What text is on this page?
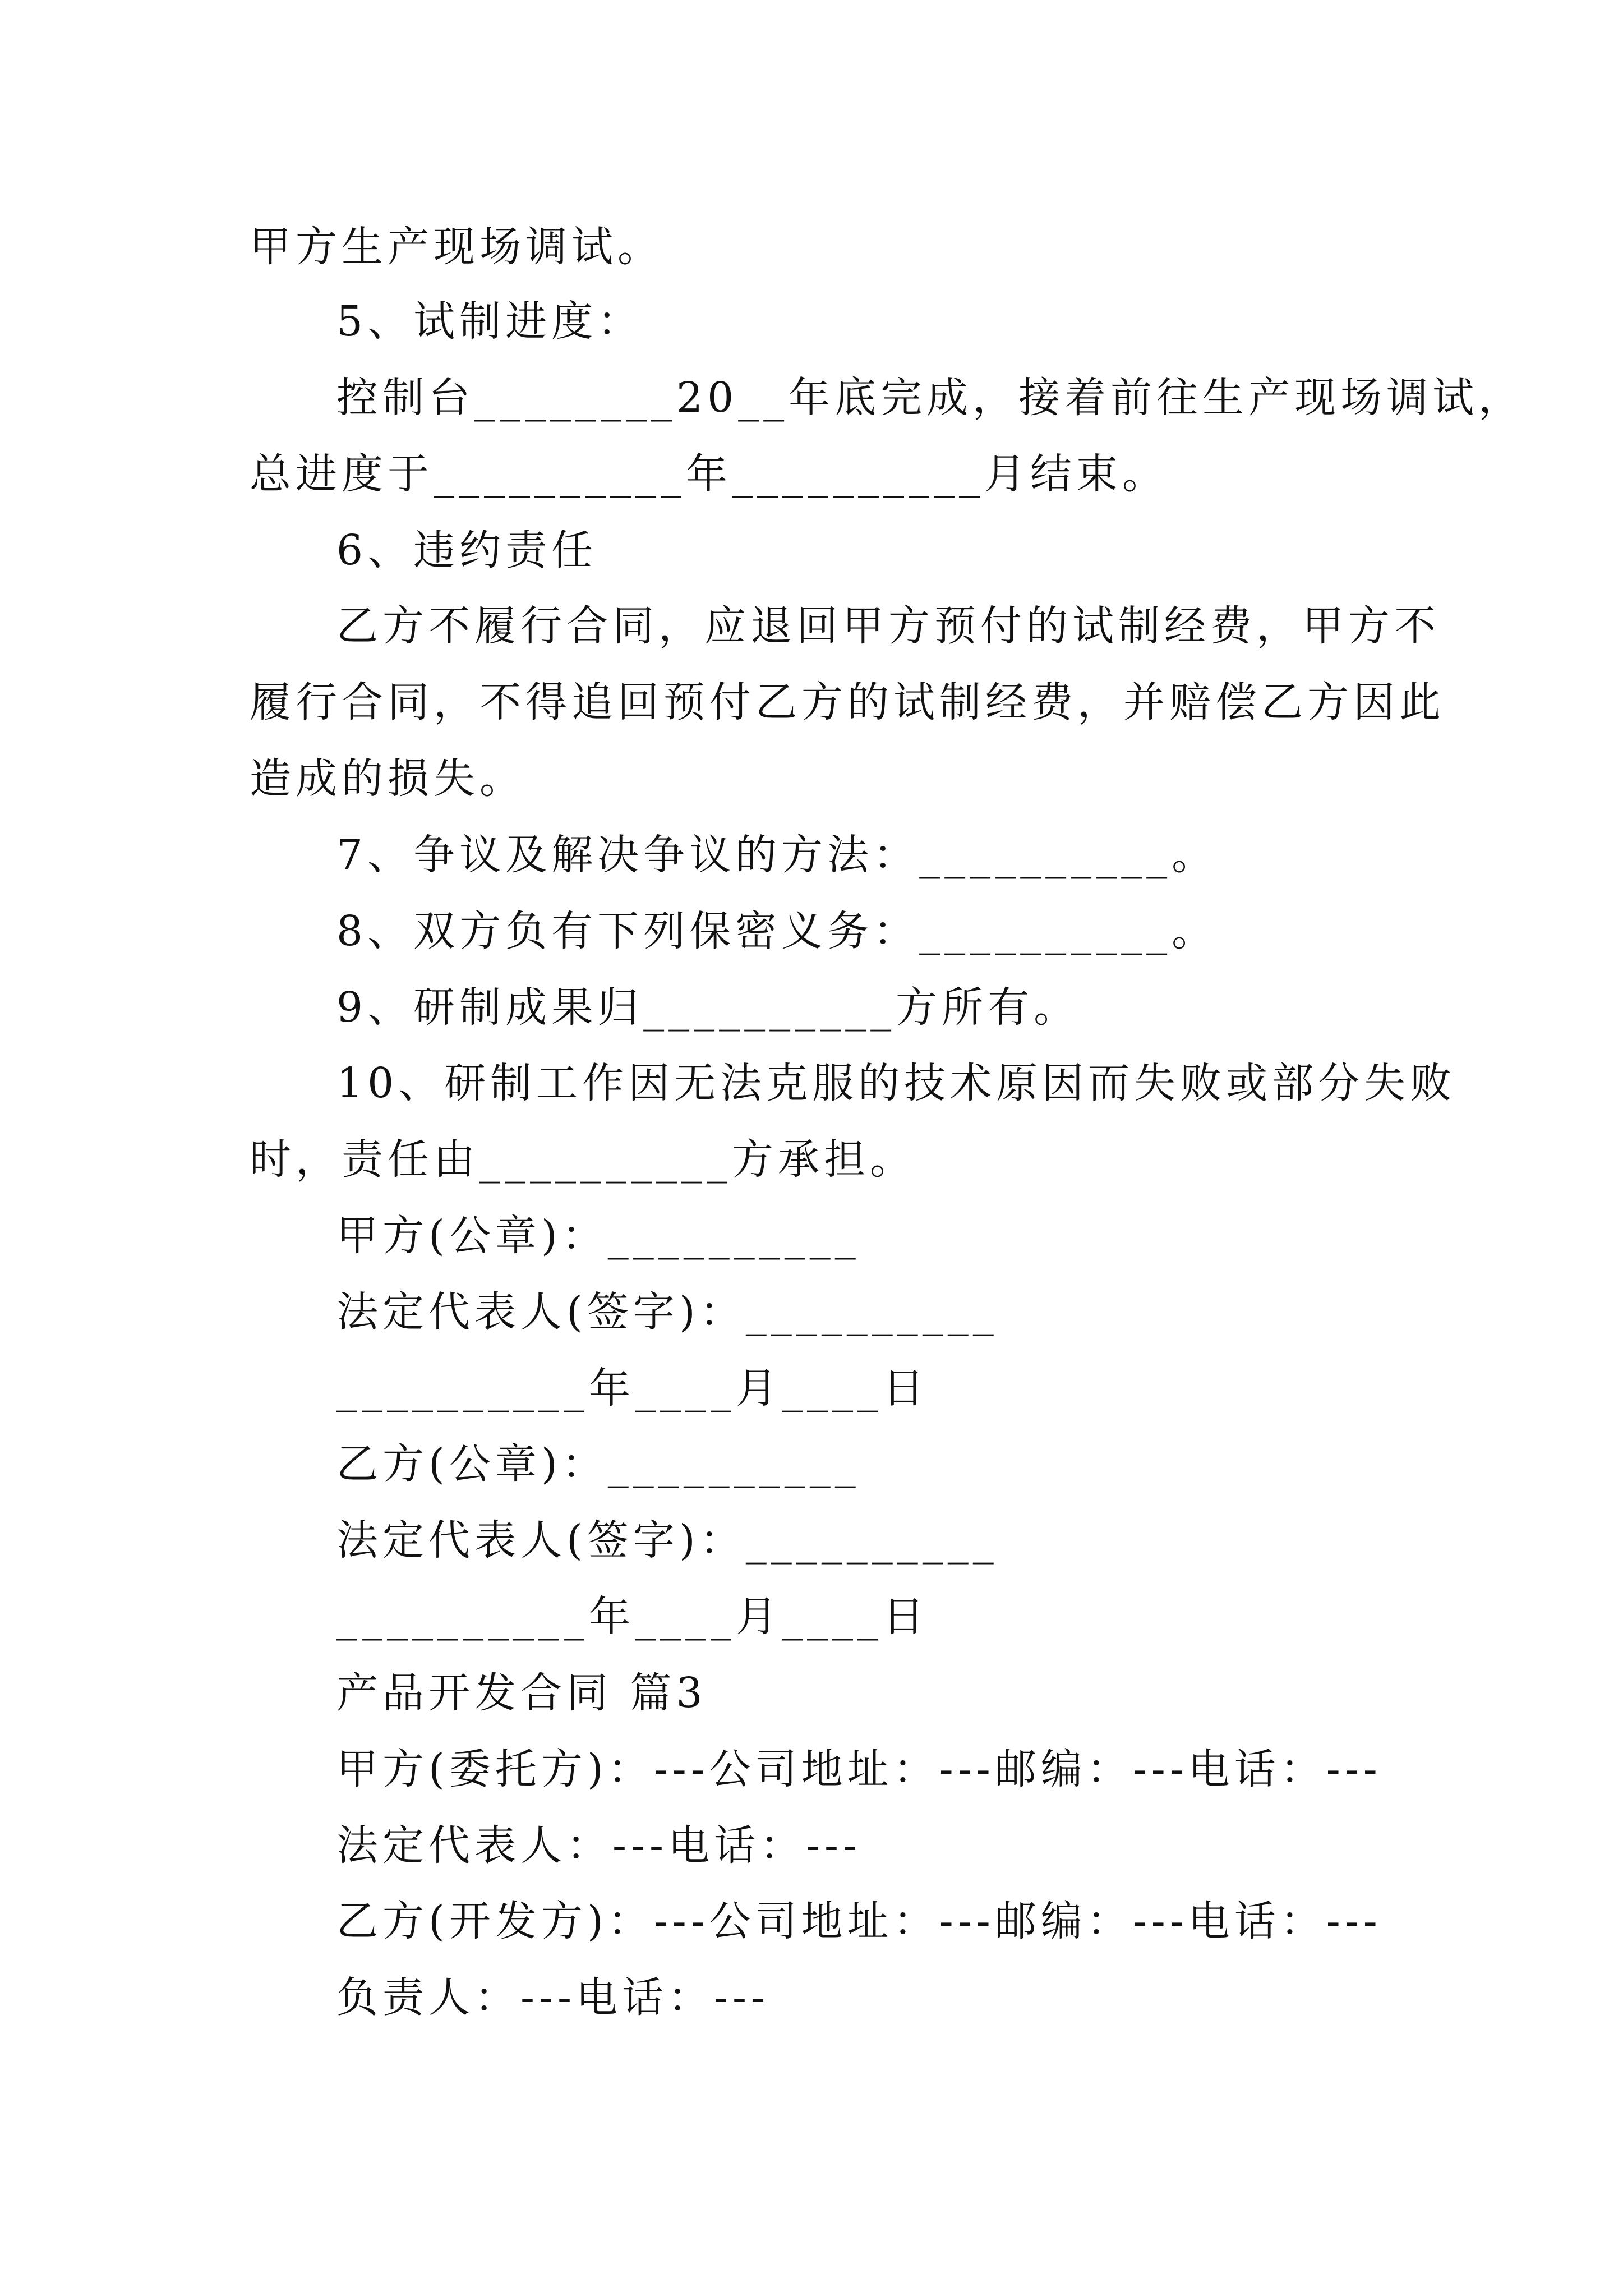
甲方生产现场调试。
5、试制进度：
控制台________20__年底完成，接着前往生产现场调试，
总进度于__________年__________月结束。
6、违约责任
乙方不履行合同，应退回甲方预付的试制经费，甲方不
履行合同，不得追回预付乙方的试制经费，并赔偿乙方因此
造成的损失。
7、争议及解决争议的方法：__________。
8、双方负有下列保密义务：__________。
9、研制成果归__________方所有。
10、研制工作因无法克服的技术原因而失败或部分失败
时，责任由__________方承担。
甲方(公章)：__________
法定代表人(签字)：__________
__________年____月____日
乙方(公章)：__________
法定代表人(签字)：__________
__________年____月____日
产品开发合同 篇3
甲方(委托方)：---公司地址：---邮编：---电话：---
法定代表人：---电话：---
乙方(开发方)：---公司地址：---邮编：---电话：---
负责人：---电话：---
